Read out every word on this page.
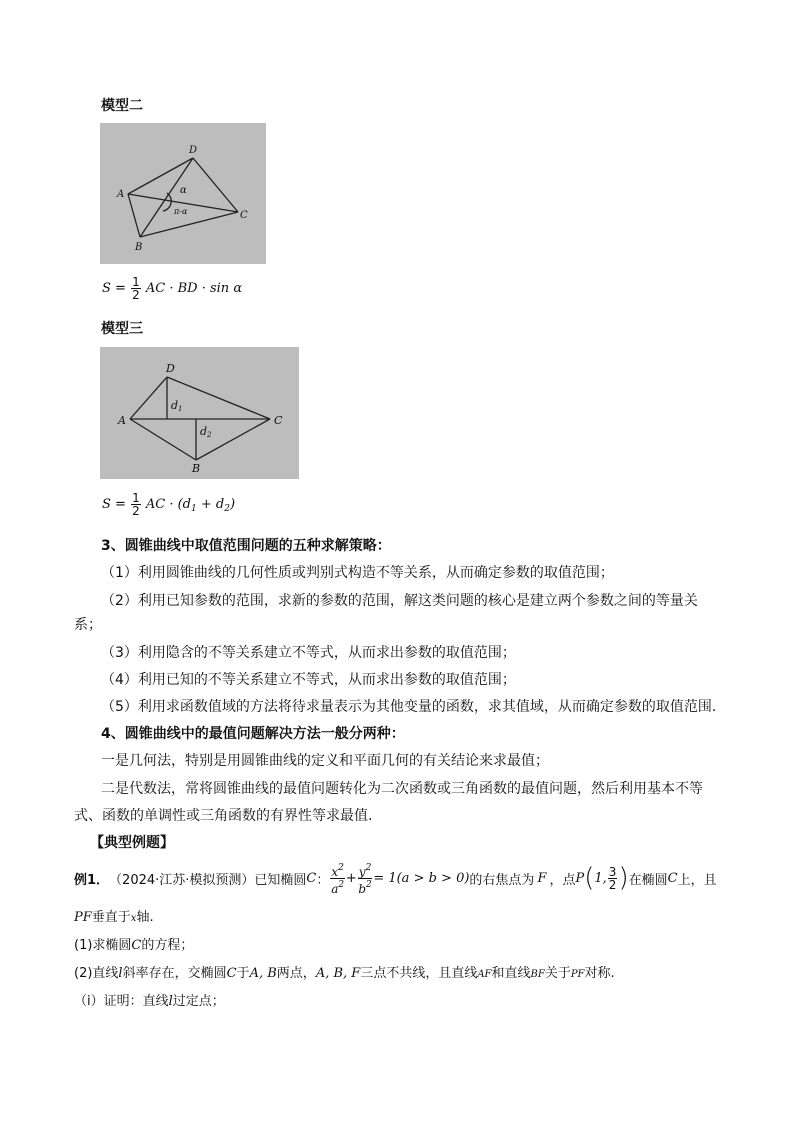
模型二
A
B
C
D
α
π-α
$S = \frac{1}{2}$ AC · BD · sin α
模型三
A
B
C
D
d1
d2
$S = \frac{1}{2}$ AC · $(d_1 + d_2)$
3、圆锥曲线中取值范围问题的五种求解策略：
（1）利用圆锥曲线的几何性质或判别式构造不等关系，从而确定参数的取值范围；
（2）利用已知参数的范围，求新的参数的范围，解这类问题的核心是建立两个参数之间的等量关
系；
（3）利用隐含的不等关系建立不等式，从而求出参数的取值范围；
（4）利用已知的不等关系建立不等式，从而求出参数的取值范围；
（5）利用求函数值域的方法将待求量表示为其他变量的函数，求其值域，从而确定参数的取值范围.
4、圆锥曲线中的最值问题解决方法一般分两种：
一是几何法，特别是用圆锥曲线的定义和平面几何的有关结论来求最值；
二是代数法，常将圆锥曲线的最值问题转化为二次函数或三角函数的最值问题，然后利用基本不等
式、函数的单调性或三角函数的有界性等求最值.
【典型例题】
例1． （2024·江苏·模拟预测）已知椭圆 C ： $\frac{x^2}{a^2} + \frac{y^2}{b^2} = 1(a > b > 0)$ 的右焦点为 F ，点 P ( 1, $\frac{3}{2}$ ) 在椭圆 C 上，且
PF垂直于x轴.
(1)求椭圆C的方程；
(2)直线l斜率存在，交椭圆C于A, B两点，A, B, F三点不共线，且直线AF和直线BF关于PF对称.
（ⅰ）证明：直线l过定点；
